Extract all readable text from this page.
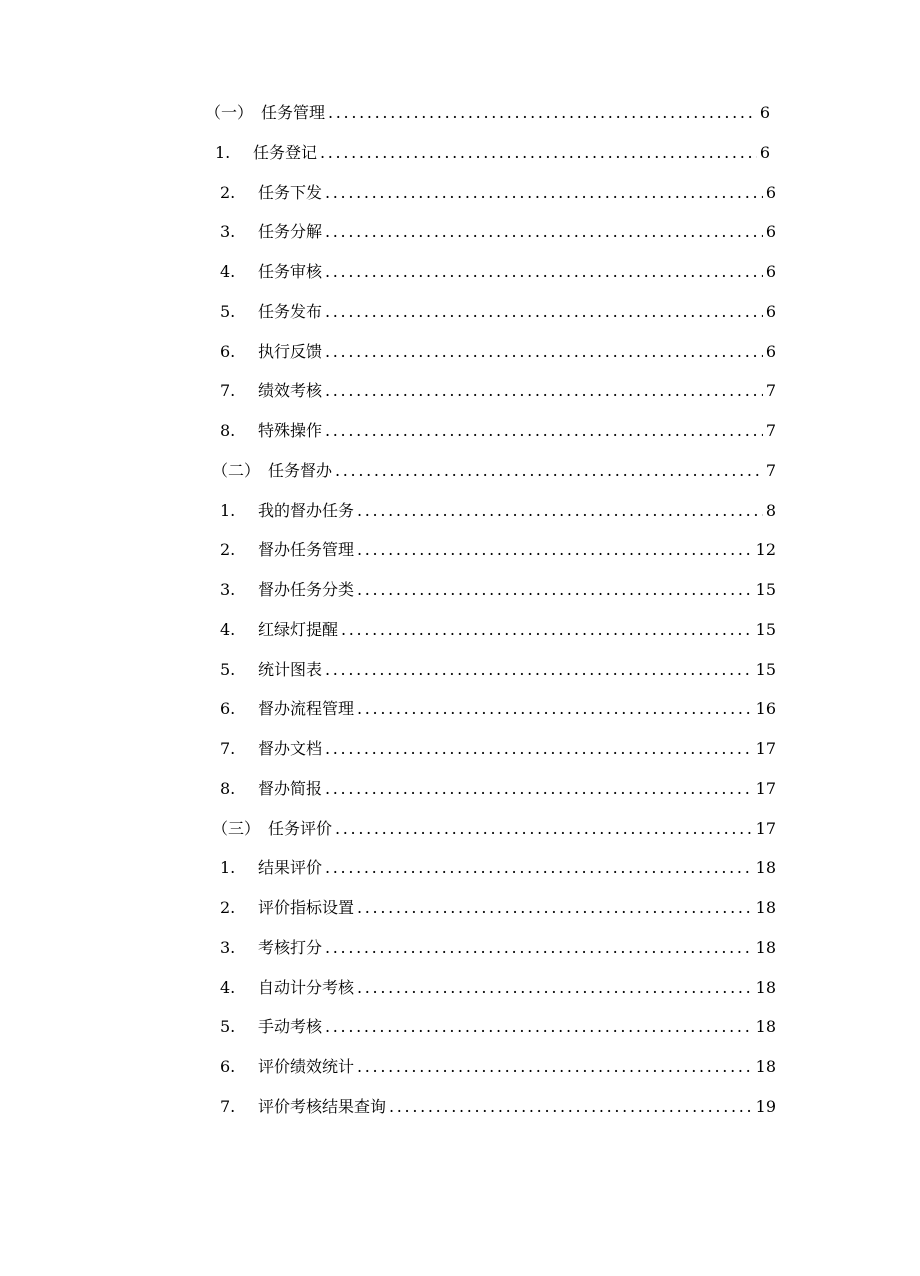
（一） 任务管理 . . .	6
1.	任务登记 . . .	6
2.	任务下发 . . .	6
3.	任务分解 . . .	6
4.	任务审核 . . .	6
5.	任务发布 . . .	6
6.	执行反馈 . . .	6
7.	绩效考核 . . .	7
8.	特殊操作 . . .	7
（二） 任务督办 . . .	7
1.	我的督办任务 . . .	8
2.	督办任务管理 . . .	12
3.	督办任务分类 . . .	15
4.	红绿灯提醒 . . .	15
5.	统计图表 . . .	15
6.	督办流程管理 . . .	16
7.	督办文档 . . .	17
8.	督办简报 . . .	17
（三） 任务评价 . . .	17
1.	结果评价 . . .	18
2.	评价指标设置 . . .	18
3.	考核打分 . . .	18
4.	自动计分考核 . . .	18
5.	手动考核 . . .	18
6.	评价绩效统计 . . .	18
7.	评价考核结果查询 . . .	19
